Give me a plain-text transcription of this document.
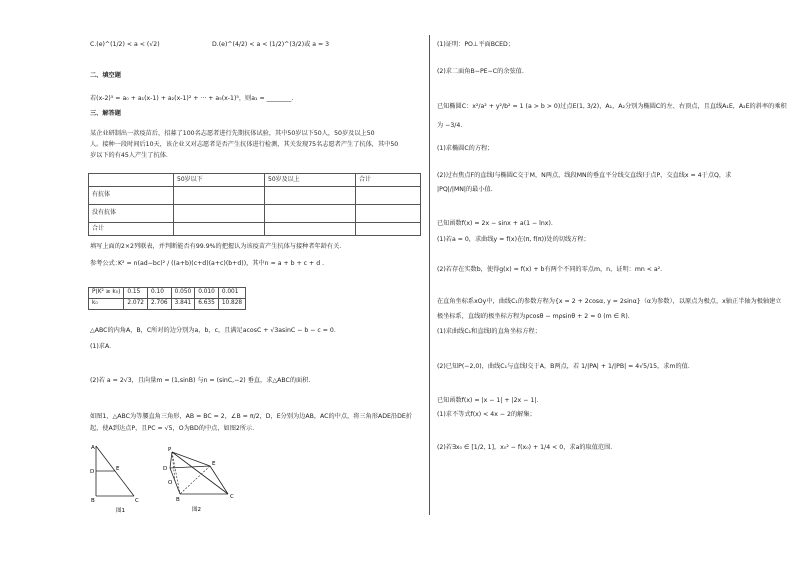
C.(e)^(1/2) < a < (√2)	D.(e)^(4/2) < a < (1/2)^(3/2)或 a = 3
二、填空题
若(x-2)⁵ = a₀ + a₁(x-1) + a₂(x-1)² + ··· + a₅(x-1)⁵，则a₁ = ________.
三、解答题
某企业研制出一款疫苗后，招募了100名志愿者进行先期抗体试验，其中50岁以下50人，50岁及以上50
人。接种一段时间后10天，该企业又对志愿者是否产生抗体进行检测，其关发现75名志愿者产生了抗体，其中50
岁以下的有45人产生了抗体.
	50岁以下	50岁及以上	合计
有抗体			
没有抗体			
合计			
填写上面的2×2列联表，并判断能否有99.9%的把握认为该疫苗产生抗体与接种者年龄有关.
参考公式：
K² = n(ad−bc)² / ((a+b)(c+d)(a+c)(b+d))，其中n = a + b + c + d .
P(K² ≥ k₀)	0.15	0.10	0.050	0.010	0.001
k₀	2.072	2.706	3.841	6.635	10.828
△ABC的内角A，B，C所对的边分别为a，b，c，且满足acosC + √3asinC − b − c = 0.
(1)求A.
(2)若 a = 2√3，且向量m = (1,sinB) 与n = (sinC,−2) 垂直，求△ABC的面积.
如图1，△ABC为等腰直角三角形，AB = BC = 2，∠B = π/2，D，E分别为边AB，AC的中点，将三角形ADE沿DE折
起，使A到达点P，且PC = √5，O为BD的中点，如图2所示.
A
D	E
B	C
图1
P
D
E
O
B	C
图2
(1)证明：PO⊥平面BCED；
(2)求二面角B−PE−C的余弦值.
已知椭圆C：x²/a² + y²/b² = 1 (a > b > 0)过点E(1, 3/2)，A₁，A₂分别为椭圆C的左、右顶点，且直线A₁E，A₂E的斜率的乘积
为 −3/4.
(1)求椭圆C的方程；
(2)过右焦点F的直线l与椭圆C交于M，N两点，线段MN的垂直平分线交直线l于点P，交直线x = 4于点Q，求
|PQ|/|MN|的最小值.
已知函数f(x) = 2x − sinx + a(1 − lnx).
(1)若a = 0，求曲线y = f(x)在(π, f(π))处的切线方程；
(2)若存在实数b，使得g(x) = f(x) + b有两个不同的零点m，n，证明：mn < a².
在直角坐标系xOy中，曲线C₁的参数方程为{x = 2 + 2cosα, y = 2sinα}（α为参数），以原点为极点，x轴正半轴为极轴建立
极坐标系，直线l的极坐标方程为ρcosθ − mρsinθ + 2 = 0 (m ∈ R).
(1)求曲线C₁和直线l的直角坐标方程；
(2)已知P(−2,0)，曲线C₁与直线l交于A，B两点，若 1/|PA| + 1/|PB| = 4√5/15，求m的值.
已知函数f(x) = |x − 1| + |2x − 1|.
(1)求不等式f(x) < 4x − 2的解集；
(2)若∃x₀ ∈ [1/2, 1]，x₀² − f(x₀) + 1/4 < 0，求a的取值范围.
